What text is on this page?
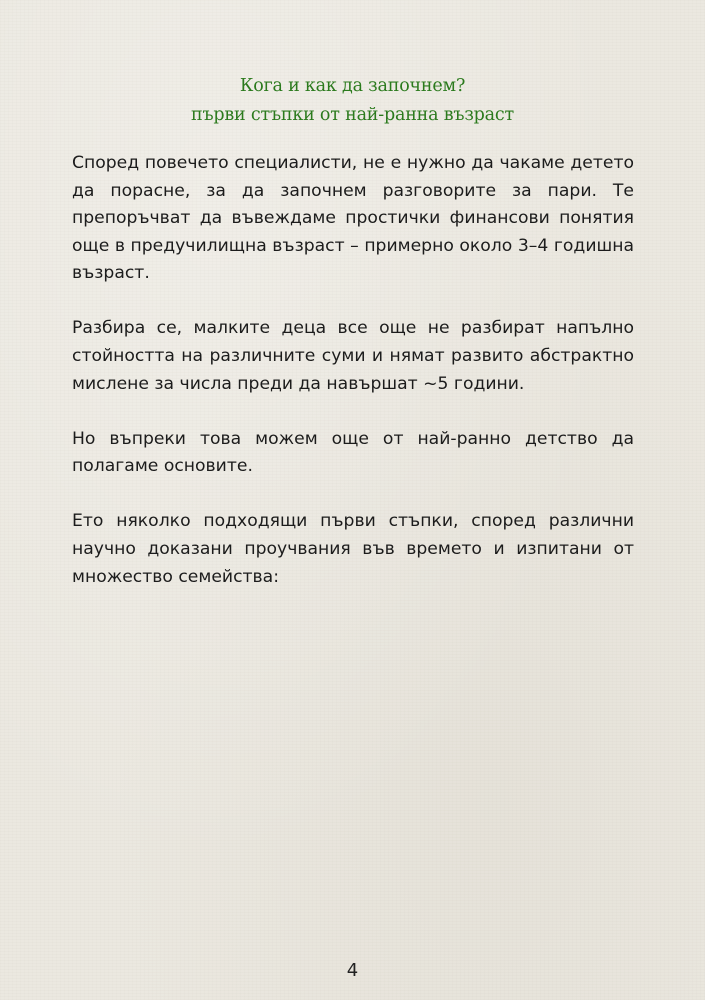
Кога и как да започнем?
първи стъпки от най-ранна възраст

Според повечето специалисти, не е нужно да чакаме детето да порасне, за да започнем разговорите за пари. Те препоръчват да въвеждаме простички финансови понятия още в предучилищна възраст – примерно около 3–4 годишна възраст.

Разбира се, малките деца все още не разбират напълно стойността на различните суми и нямат развито абстрактно мислене за числа преди да навършат ~5 години.

Но въпреки това можем още от най-ранно детство да полагаме основите.

Ето няколко подходящи първи стъпки, според различни научно доказани проучвания във времето и изпитани от множество семейства:

4
